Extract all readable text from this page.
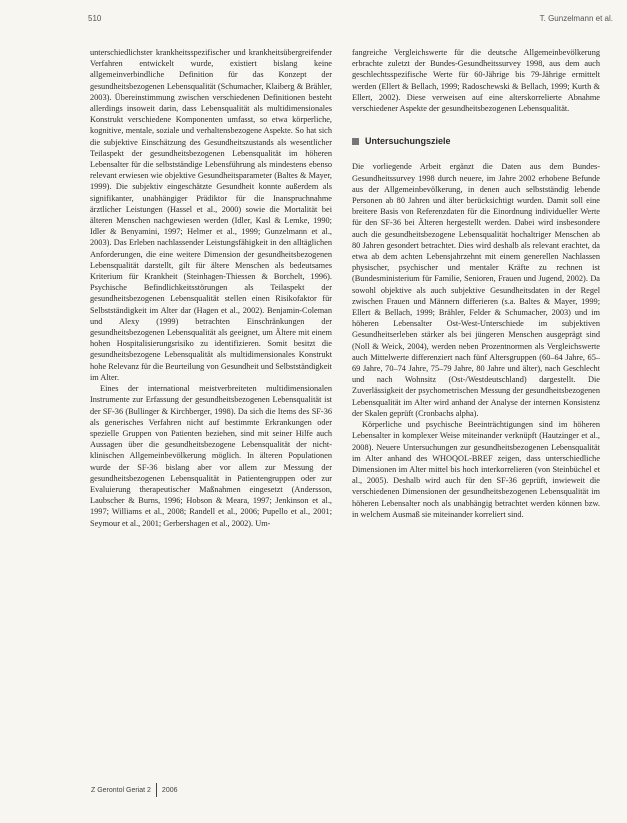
510	T. Gunzelmann et al.

unterschiedlichster krankheitsspezifischer und krankheitsübergreifender Verfahren entwickelt wurde, existiert bislang keine allgemeinverbindliche Definition für das Konzept der gesundheitsbezogenen Lebensqualität (Schumacher, Klaiberg & Brähler, 2003). Übereinstimmung zwischen verschiedenen Definitionen besteht allerdings insoweit darin, dass Lebensqualität als multidimensionales Konstrukt verschiedene Komponenten umfasst, so etwa körperliche, kognitive, mentale, soziale und verhaltensbezogene Aspekte. So hat sich die subjektive Einschätzung des Gesundheitszustands als wesentlicher Teilaspekt der gesundheitsbezogenen Lebensqualität im höheren Lebensalter für die selbstständige Lebensführung als mindestens ebenso relevant erwiesen wie objektive Gesundheitsparameter (Baltes & Mayer, 1999). Die subjektiv eingeschätzte Gesundheit konnte außerdem als signifikanter, unabhängiger Prädiktor für die Inanspruchnahme ärztlicher Leistungen (Hassel et al., 2000) sowie die Mortalität bei älteren Menschen nachgewiesen werden (Idler, Kasl & Lemke, 1990; Idler & Benyamini, 1997; Helmer et al., 1999; Gunzelmann et al., 2003). Das Erleben nachlassender Leistungsfähigkeit in den alltäglichen Anforderungen, die eine weitere Dimension der gesundheitsbezogenen Lebensqualität darstellt, gilt für ältere Menschen als bedeutsames Kriterium für Krankheit (Steinhagen-Thiessen & Borchelt, 1996). Psychische Befindlichkeitsstörungen als Teilaspekt der gesundheitsbezogenen Lebensqualität stellen einen Risikofaktor für Selbstständigkeit im Alter dar (Hagen et al., 2002). Benjamin-Coleman und Alexy (1999) betrachten Einschränkungen der gesundheitsbezogenen Lebensqualität als geeignet, um Ältere mit einem hohen Hospitalisierungsrisiko zu identifizieren. Somit besitzt die gesundheitsbezogene Lebensqualität als multidimensionales Konstrukt hohe Relevanz für die Beurteilung von Gesundheit und Selbstständigkeit im Alter.

Eines der international meistverbreiteten multidimensionalen Instrumente zur Erfassung der gesundheitsbezogenen Lebensqualität ist der SF-36 (Bullinger & Kirchberger, 1998). Da sich die Items des SF-36 als generisches Verfahren nicht auf bestimmte Erkrankungen oder spezielle Gruppen von Patienten beziehen, sind mit seiner Hilfe auch Aussagen über die gesundheitsbezogene Lebensqualität der nicht-klinischen Allgemeinbevölkerung möglich. In älteren Populationen wurde der SF-36 bislang aber vor allem zur Messung der gesundheitsbezogenen Lebensqualität in Patientengruppen oder zur Evaluierung therapeutischer Maßnahmen eingesetzt (Andersson, Laubscher & Burns, 1996; Hobson & Meara, 1997; Jenkinson et al., 1997; Williams et al., 2008; Randell et al., 2006; Pupello et al., 2001; Seymour et al., 2001; Gerbershagen et al., 2002). Um-

fangreiche Vergleichswerte für die deutsche Allgemeinbevölkerung erbrachte zuletzt der Bundes-Gesundheitssurvey 1998, aus dem auch geschlechtsspezifische Werte für 60-Jährige bis 79-Jährige ermittelt werden (Ellert & Bellach, 1999; Radoschewski & Bellach, 1999; Kurth & Ellert, 2002). Diese verweisen auf eine alterskorrelierte Abnahme verschiedener Aspekte der gesundheitsbezogenen Lebensqualität.

Untersuchungsziele

Die vorliegende Arbeit ergänzt die Daten aus dem Bundes-Gesundheitssurvey 1998 durch neuere, im Jahre 2002 erhobene Befunde aus der Allgemeinbevölkerung, in denen auch selbstständig lebende Personen ab 80 Jahren und älter berücksichtigt wurden. Damit soll eine breitere Basis von Referenzdaten für die Einordnung individueller Werte für den SF-36 bei Älteren hergestellt werden. Dabei wird insbesondere auch die gesundheitsbezogene Lebensqualität hochaltriger Menschen ab 80 Jahren gesondert betrachtet. Dies wird deshalb als relevant erachtet, da etwa ab dem achten Lebensjahrzehnt mit einem generellen Nachlassen physischer, psychischer und mentaler Kräfte zu rechnen ist (Bundesministerium für Familie, Senioren, Frauen und Jugend, 2002). Da sowohl objektive als auch subjektive Gesundheitsdaten in der Regel zwischen Frauen und Männern differieren (s.a. Baltes & Mayer, 1999; Ellert & Bellach, 1999; Brähler, Felder & Schumacher, 2003) und im höheren Lebensalter Ost-West-Unterschiede im subjektiven Gesundheitserleben stärker als bei jüngeren Menschen ausgeprägt sind (Noll & Weick, 2004), werden neben Prozentnormen als Vergleichswerte auch Mittelwerte differenziert nach fünf Altersgruppen (60–64 Jahre, 65–69 Jahre, 70–74 Jahre, 75–79 Jahre, 80 Jahre und älter), nach Geschlecht und nach Wohnsitz (Ost-/Westdeutschland) dargestellt. Die Zuverlässigkeit der psychometrischen Messung der gesundheitsbezogenen Lebensqualität im Alter wird anhand der Analyse der internen Konsistenz der Skalen geprüft (Cronbachs alpha).

Körperliche und psychische Beeinträchtigungen sind im höheren Lebensalter in komplexer Weise miteinander verknüpft (Hautzinger et al., 2008). Neuere Untersuchungen zur gesundheitsbezogenen Lebensqualität im Alter anhand des WHOQOL-BREF zeigen, dass unterschiedliche Dimensionen im Alter mittel bis hoch interkorrelieren (von Steinbüchel et al., 2005). Deshalb wird auch für den SF-36 geprüft, inwieweit die verschiedenen Dimensionen der gesundheitsbezogenen Lebensqualität im höheren Lebensalter noch als unabhängig betrachtet werden können bzw. in welchem Ausmaß sie miteinander korreliert sind.

Z Gerontol Geriat 2 2006
